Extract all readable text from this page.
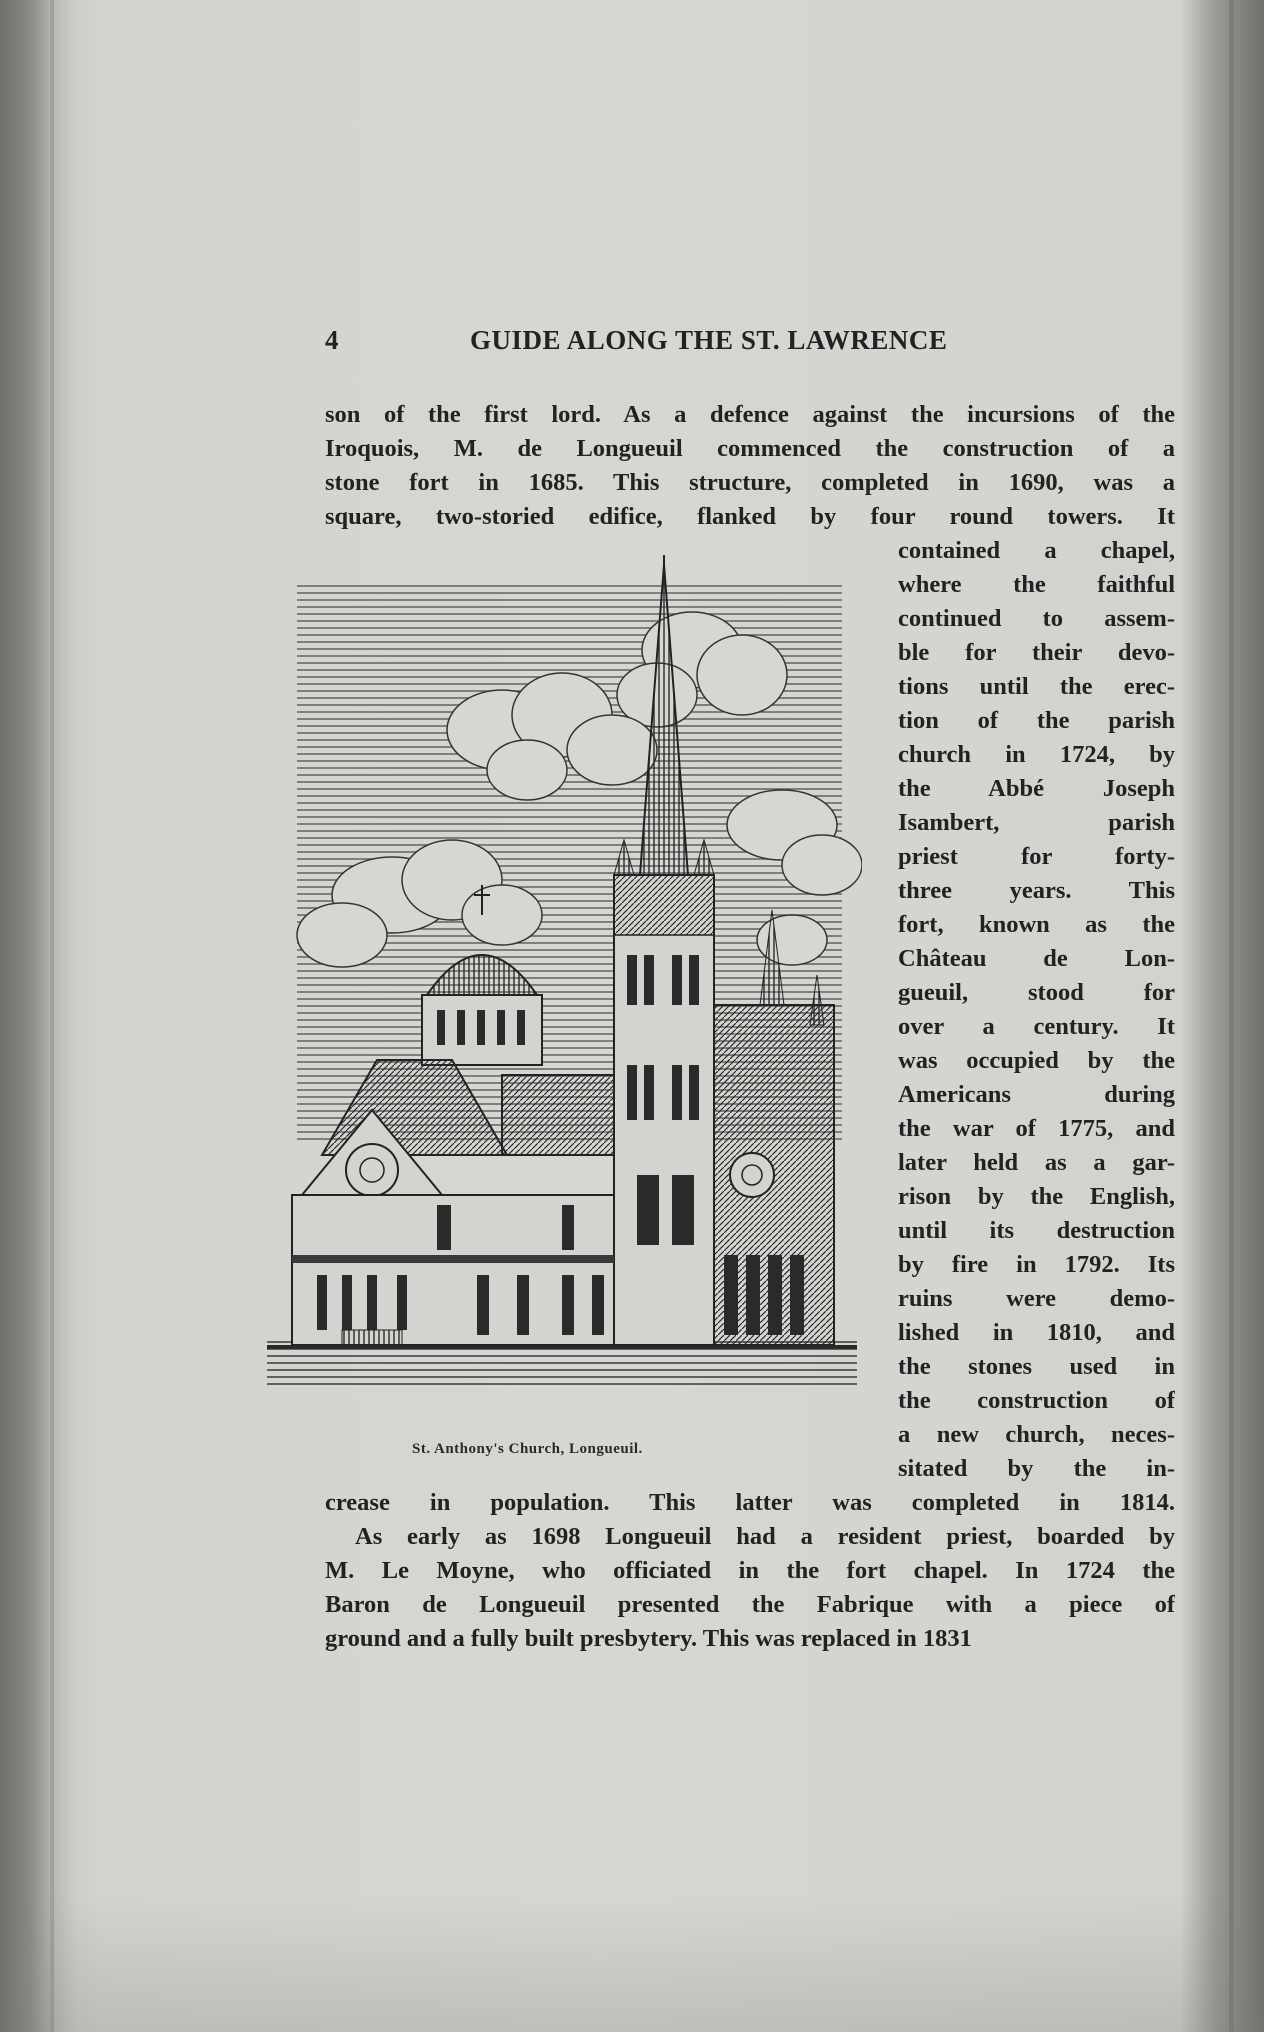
4	GUIDE ALONG THE ST. LAWRENCE
son of the first lord. As a defence against the incursions of the
Iroquois, M. de Longueuil commenced the construction of a
stone fort in 1685. This structure, completed in 1690, was a
square, two-storied edifice, flanked by four round towers. It
contained a chapel,
where the faithful
continued to assem-
ble for their devo-
tions until the erec-
tion of the parish
church in 1724, by
the Abbé Joseph
Isambert, parish
priest for forty-
three years. This
fort, known as the
Château de Lon-
gueuil, stood for
over a century. It
was occupied by the
Americans during
the war of 1775, and
later held as a gar-
rison by the English,
until its destruction
by fire in 1792. Its
ruins were demo-
lished in 1810, and
the stones used in
the construction of
a new church, neces-
sitated by the in-
crease in population. This latter was completed in 1814.
As early as 1698 Longueuil had a resident priest, boarded by
M. Le Moyne, who officiated in the fort chapel. In 1724 the
Baron de Longueuil presented the Fabrique with a piece of
ground and a fully built presbytery. This was replaced in 1831
St. Anthony's Church, Longueuil.
